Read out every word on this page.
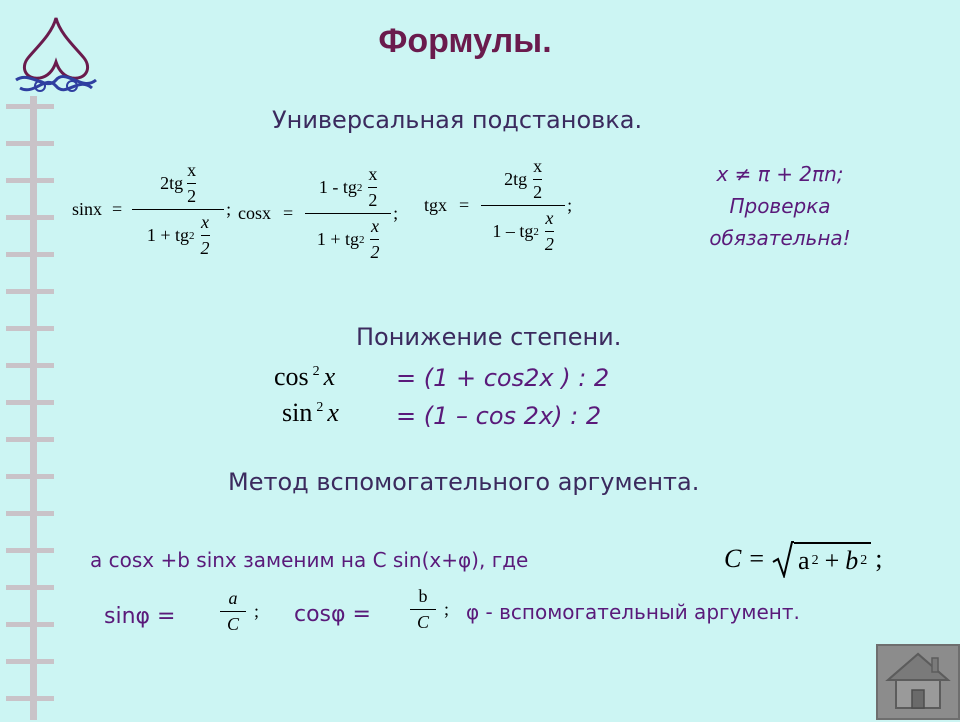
Формулы.
Универсальная подстановка.
$\sin x = \frac{2tg \frac{x}{2}}{1 + tg 2 \frac{x}{2}}$ ; $\cos x = \frac{1 - tg 2 \frac{x}{2}}{1 + tg 2 \frac{x}{2}}$ ; tgx = $\frac{2tg \frac{x}{2}}{1 - tg 2 \frac{x}{2}}$ ;
x ≠ π + 2πn;
Проверка
обязательна!
Понижение степени.
cos $^2$ x	= (1 + cos2x ) : 2
sin $^2$ x = (1 – cos 2x) : 2
Метод вспомогательного аргумента.
a cosx +b sinx заменим на C sin(x+φ), где	C = a 2 + b 2 ;
$\sin\varphi = \frac{a}{C}$ ; $\cos\varphi = \frac{b}{C}$ ; φ - вспомогательный аргумент.
